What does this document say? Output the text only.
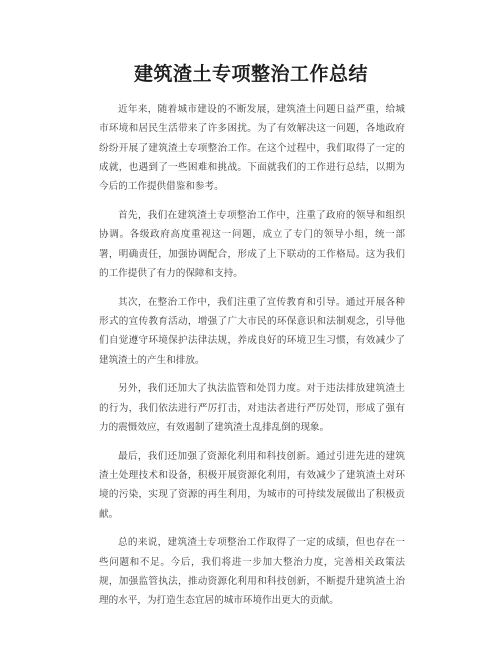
建筑渣土专项整治工作总结

近年来，随着城市建设的不断发展，建筑渣土问题日益严重，给城市环境和居民生活带来了许多困扰。为了有效解决这一问题，各地政府纷纷开展了建筑渣土专项整治工作。在这个过程中，我们取得了一定的成就，也遇到了一些困难和挑战。下面就我们的工作进行总结，以期为今后的工作提供借鉴和参考。

首先，我们在建筑渣土专项整治工作中，注重了政府的领导和组织协调。各级政府高度重视这一问题，成立了专门的领导小组，统一部署，明确责任，加强协调配合，形成了上下联动的工作格局。这为我们的工作提供了有力的保障和支持。

其次，在整治工作中，我们注重了宣传教育和引导。通过开展各种形式的宣传教育活动，增强了广大市民的环保意识和法制观念，引导他们自觉遵守环境保护法律法规，养成良好的环境卫生习惯，有效减少了建筑渣土的产生和排放。

另外，我们还加大了执法监管和处罚力度。对于违法排放建筑渣土的行为，我们依法进行严厉打击，对违法者进行严厉处罚，形成了强有力的震慑效应，有效遏制了建筑渣土乱排乱倒的现象。

最后，我们还加强了资源化利用和科技创新。通过引进先进的建筑渣土处理技术和设备，积极开展资源化利用，有效减少了建筑渣土对环境的污染，实现了资源的再生利用，为城市的可持续发展做出了积极贡献。

总的来说，建筑渣土专项整治工作取得了一定的成绩，但也存在一些问题和不足。今后，我们将进一步加大整治力度，完善相关政策法规，加强监管执法，推动资源化利用和科技创新，不断提升建筑渣土治理的水平，为打造生态宜居的城市环境作出更大的贡献。
